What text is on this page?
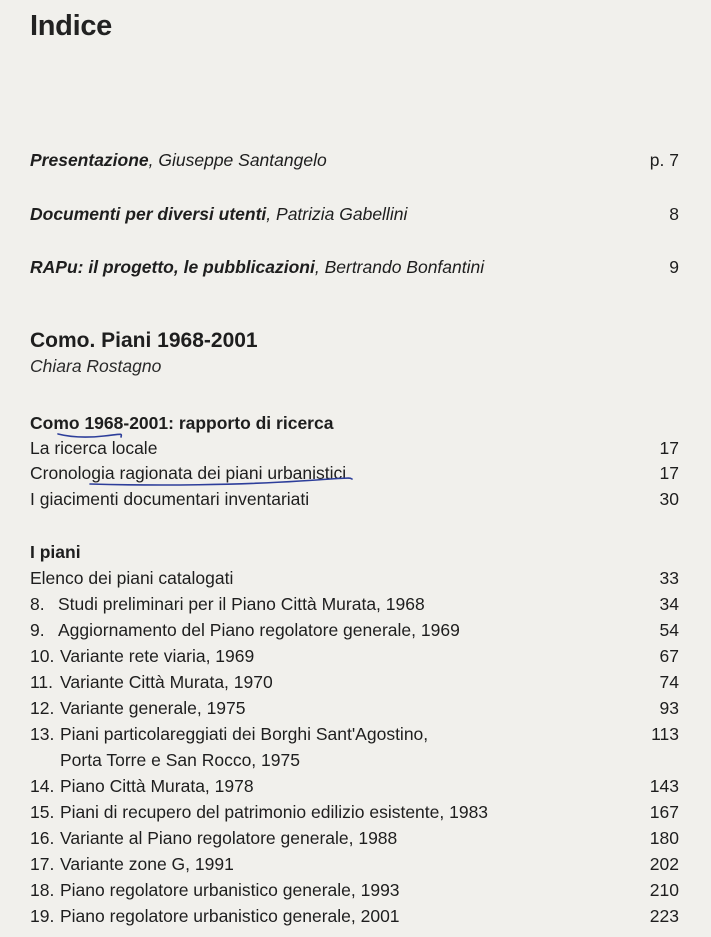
Indice
Presentazione, Giuseppe Santangelo	p. 7
Documenti per diversi utenti, Patrizia Gabellini	8
RAPu: il progetto, le pubblicazioni, Bertrando Bonfantini	9
Como. Piani 1968-2001
Chiara Rostagno
Como 1968-2001: rapporto di ricerca
La ricerca locale	17
Cronologia ragionata dei piani urbanistici	17
I giacimenti documentari inventariati	30
I piani
Elenco dei piani catalogati	33
8. Studi preliminari per il Piano Città Murata, 1968	34
9. Aggiornamento del Piano regolatore generale, 1969	54
10. Variante rete viaria, 1969	67
11. Variante Città Murata, 1970	74
12. Variante generale, 1975	93
13. Piani particolareggiati dei Borghi Sant'Agostino,	113
Porta Torre e San Rocco, 1975
14. Piano Città Murata, 1978	143
15. Piani di recupero del patrimonio edilizio esistente, 1983	167
16. Variante al Piano regolatore generale, 1988	180
17. Variante zone G, 1991	202
18. Piano regolatore urbanistico generale, 1993	210
19. Piano regolatore urbanistico generale, 2001	223
